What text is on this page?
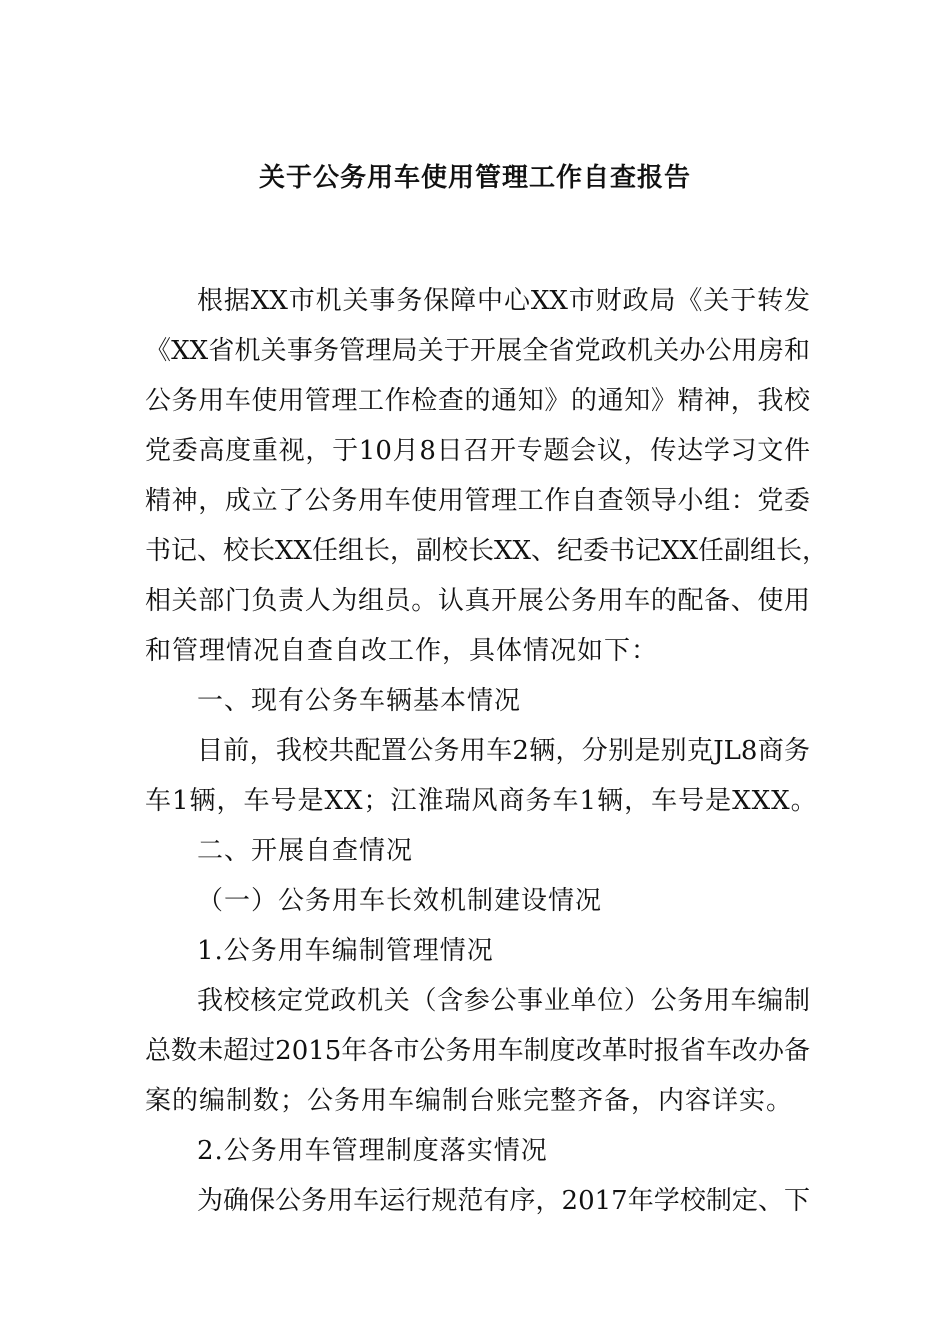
关于公务用车使用管理工作自查报告
根据XX市机关事务保障中心XX市财政局《关于转发
《XX省机关事务管理局关于开展全省党政机关办公用房和
公务用车使用管理工作检查的通知》的通知》精神，我校
党委高度重视，于10月8日召开专题会议，传达学习文件
精神，成立了公务用车使用管理工作自查领导小组：党委
书记、校长XX任组长，副校长XX、纪委书记XX任副组长，
相关部门负责人为组员。认真开展公务用车的配备、使用
和管理情况自查自改工作，具体情况如下：
一、现有公务车辆基本情况
目前，我校共配置公务用车2辆，分别是别克JL8商务
车1辆，车号是XX；江淮瑞风商务车1辆，车号是XXX。
二、开展自查情况
（一）公务用车长效机制建设情况
1.公务用车编制管理情况
我校核定党政机关（含参公事业单位）公务用车编制
总数未超过2015年各市公务用车制度改革时报省车改办备
案的编制数；公务用车编制台账完整齐备，内容详实。
2.公务用车管理制度落实情况
为确保公务用车运行规范有序，2017年学校制定、下
